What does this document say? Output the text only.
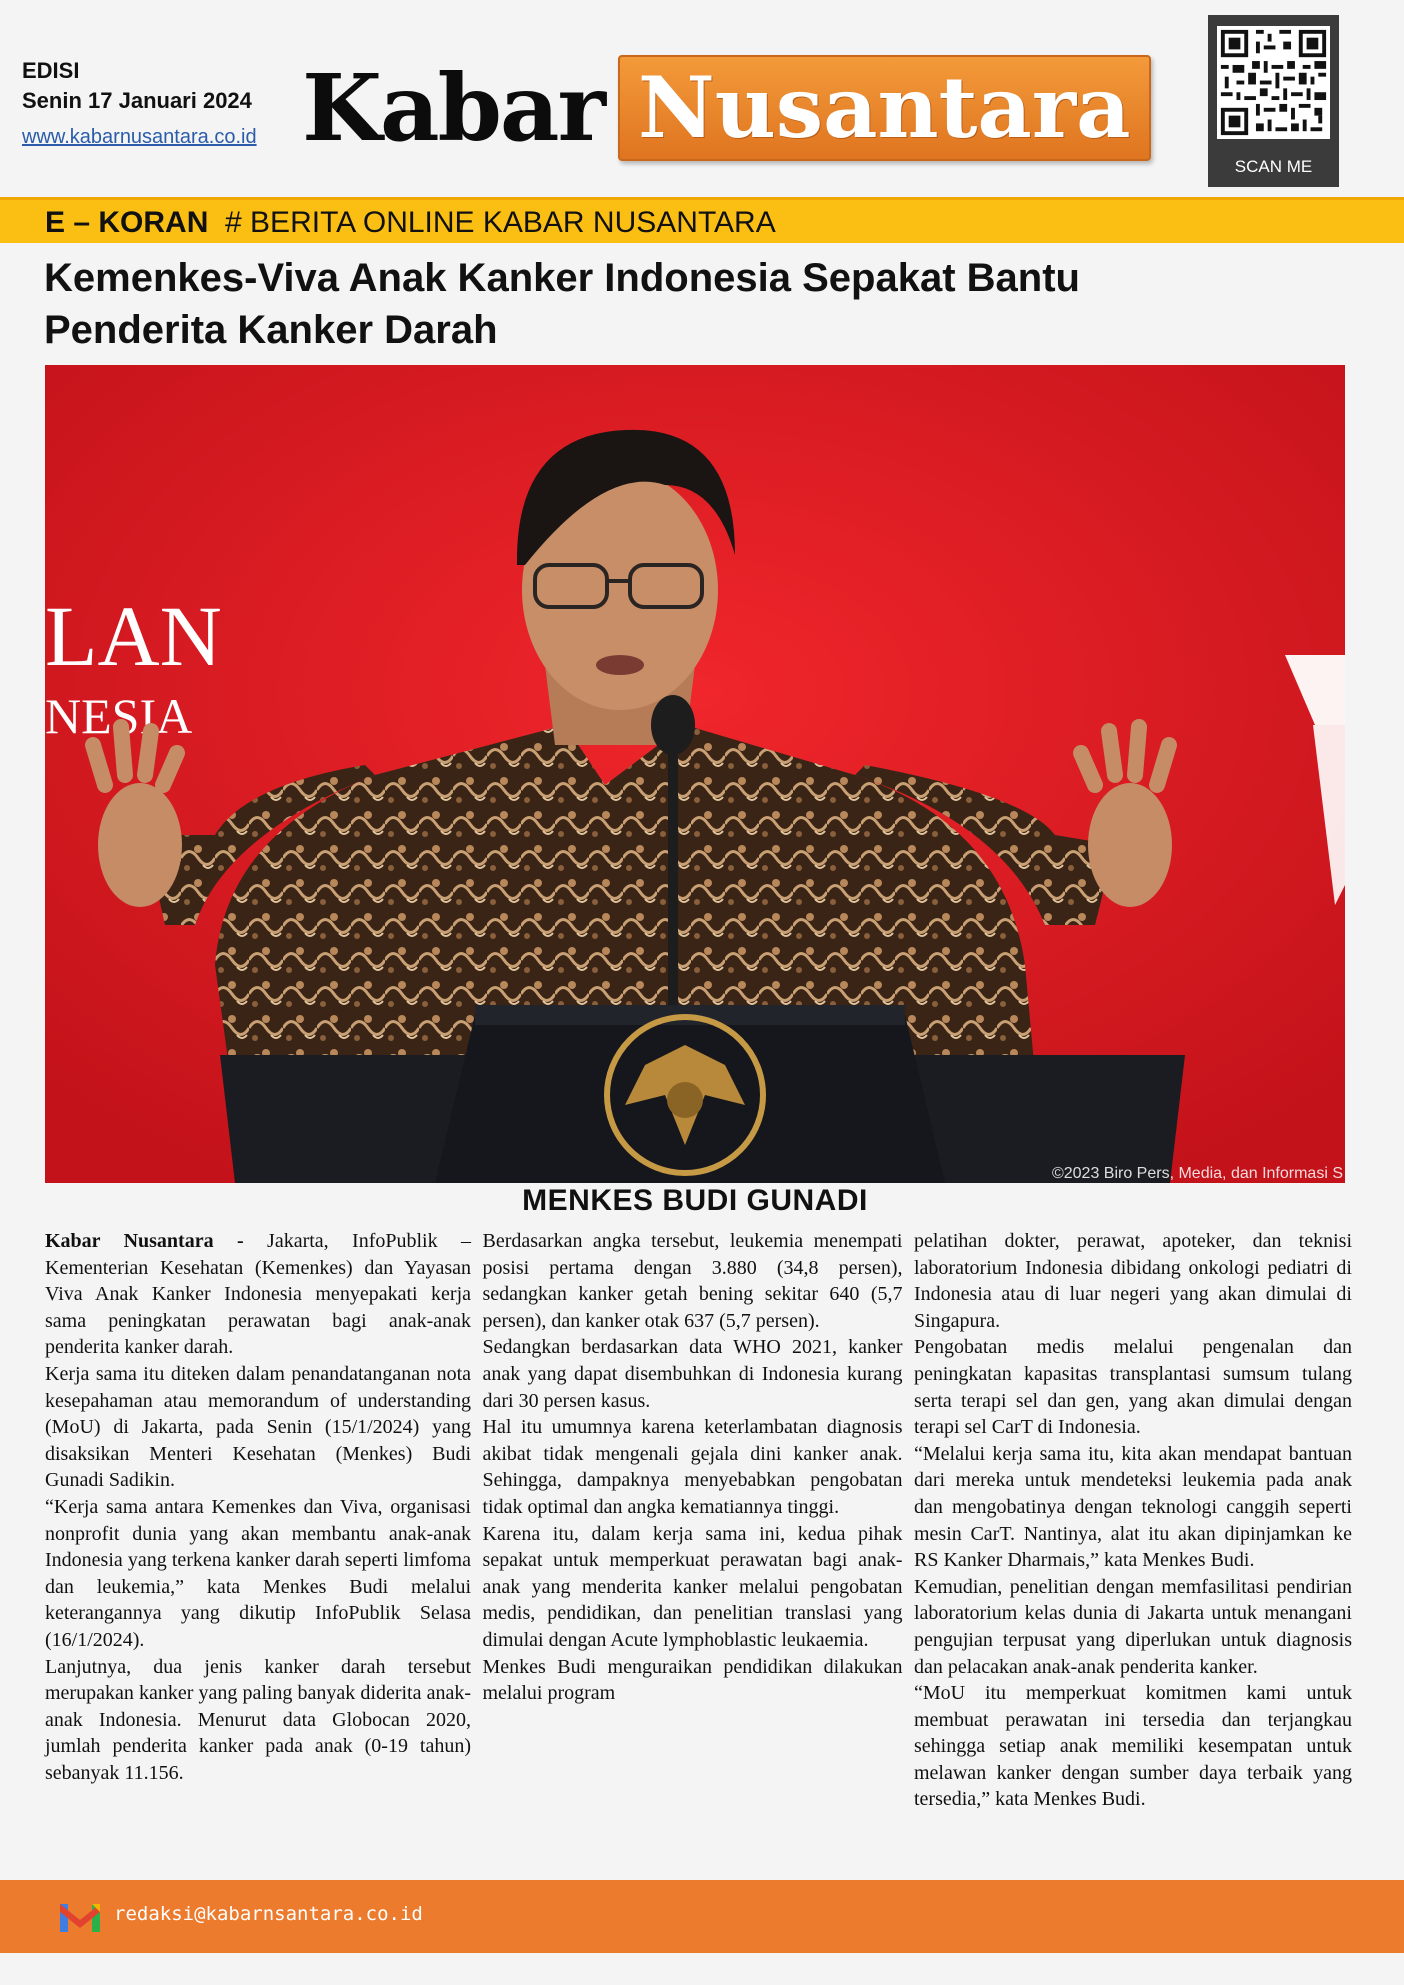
EDISI
Senin 17 Januari 2024
www.kabarnusantara.co.id Kabar Nusantara
SCAN ME
E – KORAN # BERITA ONLINE KABAR NUSANTARA
Kemenkes-Viva Anak Kanker Indonesia Sepakat Bantu
Penderita Kanker Darah
LAN
NESIA
©2023 Biro Pers, Media, dan Informasi S
MENKES BUDI GUNADI

Kabar Nusantara - Jakarta, InfoPublik – Kementerian Kesehatan (Kemenkes) dan Yayasan Viva Anak Kanker Indonesia menyepakati kerja sama peningkatan perawatan bagi anak-anak penderita kanker darah.

Kerja sama itu diteken dalam penandatanganan nota kesepahaman atau memorandum of understanding (MoU) di Jakarta, pada Senin (15/1/2024) yang disaksikan Menteri Kesehatan (Menkes) Budi Gunadi Sadikin.

“Kerja sama antara Kemenkes dan Viva, organisasi nonprofit dunia yang akan membantu anak-anak Indonesia yang terkena kanker darah seperti limfoma dan leukemia,” kata Menkes Budi melalui keterangannya yang dikutip InfoPublik Selasa (16/1/2024).

Lanjutnya, dua jenis kanker darah tersebut merupakan kanker yang paling banyak diderita anak-anak Indonesia. Menurut data Globocan 2020, jumlah penderita kanker pada anak (0-19 tahun) sebanyak 11.156.

Berdasarkan angka tersebut, leukemia menempati posisi pertama dengan 3.880 (34,8 persen), sedangkan kanker getah bening sekitar 640 (5,7 persen), dan kanker otak 637 (5,7 persen).

Sedangkan berdasarkan data WHO 2021, kanker anak yang dapat disembuhkan di Indonesia kurang dari 30 persen kasus.

Hal itu umumnya karena keterlambatan diagnosis akibat tidak mengenali gejala dini kanker anak. Sehingga, dampaknya menyebabkan pengobatan tidak optimal dan angka kematiannya tinggi.

Karena itu, dalam kerja sama ini, kedua pihak sepakat untuk memperkuat perawatan bagi anak-anak yang menderita kanker melalui pengobatan medis, pendidikan, dan penelitian translasi yang dimulai dengan Acute lymphoblastic leukaemia.

Menkes Budi menguraikan pendidikan dilakukan melalui program

pelatihan dokter, perawat, apoteker, dan teknisi laboratorium Indonesia dibidang onkologi pediatri di Indonesia atau di luar negeri yang akan dimulai di Singapura.

Pengobatan medis melalui pengenalan dan peningkatan kapasitas transplantasi sumsum tulang serta terapi sel dan gen, yang akan dimulai dengan terapi sel CarT di Indonesia.

“Melalui kerja sama itu, kita akan mendapat bantuan dari mereka untuk mendeteksi leukemia pada anak dan mengobatinya dengan teknologi canggih seperti mesin CarT. Nantinya, alat itu akan dipinjamkan ke RS Kanker Dharmais,” kata Menkes Budi.

Kemudian, penelitian dengan memfasilitasi pendirian laboratorium kelas dunia di Jakarta untuk menangani pengujian terpusat yang diperlukan untuk diagnosis dan pelacakan anak-anak penderita kanker.

“MoU itu memperkuat komitmen kami untuk membuat perawatan ini tersedia dan terjangkau sehingga setiap anak memiliki kesempatan untuk melawan kanker dengan sumber daya terbaik yang tersedia,” kata Menkes Budi.

redaksi@kabarnsantara.co.id
